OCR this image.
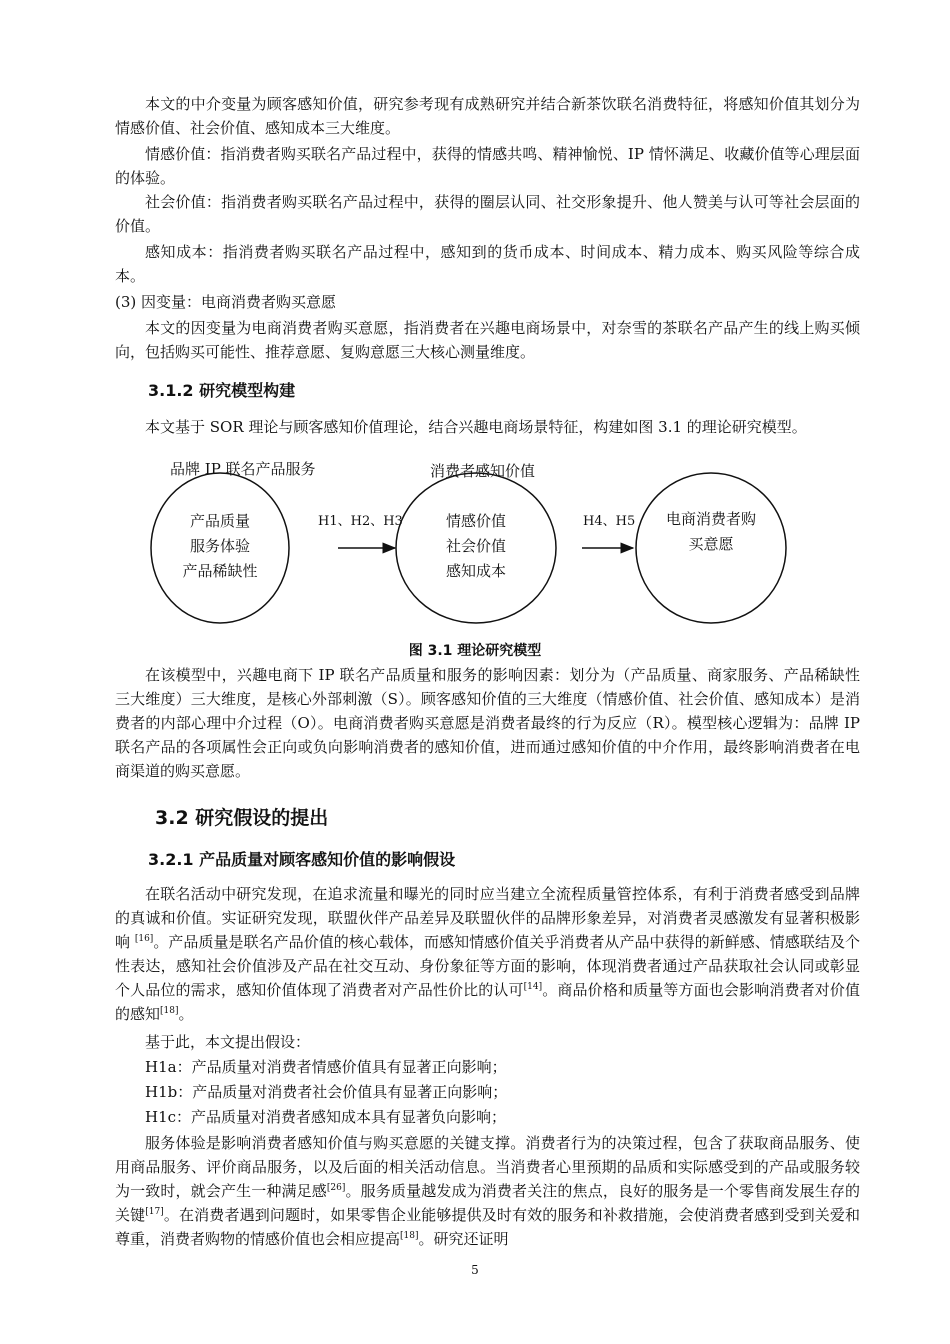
本文的中介变量为顾客感知价值，研究参考现有成熟研究并结合新茶饮联名消费特征，将感知价值其划分为情感价值、社会价值、感知成本三大维度。

情感价值：指消费者购买联名产品过程中，获得的情感共鸣、精神愉悦、IP 情怀满足、收藏价值等心理层面的体验。

社会价值：指消费者购买联名产品过程中，获得的圈层认同、社交形象提升、他人赞美与认可等社会层面的价值。

感知成本：指消费者购买联名产品过程中，感知到的货币成本、时间成本、精力成本、购买风险等综合成本。

(3) 因变量：电商消费者购买意愿

本文的因变量为电商消费者购买意愿，指消费者在兴趣电商场景中，对奈雪的茶联名产品产生的线上购买倾向，包括购买可能性、推荐意愿、复购意愿三大核心测量维度。

3.1.2 研究模型构建

本文基于 SOR 理论与顾客感知价值理论，结合兴趣电商场景特征，构建如图 3.1 的理论研究模型。

品牌 IP 联名产品服务	消费者感知价值

产品质量
服务体验
产品稀缺性
情感价值
社会价值
感知成本
电商消费者购
买意愿

H1、H2、H3	H4、H5

图 3.1 理论研究模型

在该模型中，兴趣电商下 IP 联名产品质量和服务的影响因素：划分为（产品质量、商家服务、产品稀缺性三大维度）三大维度，是核心外部刺激（S）。顾客感知价值的三大维度（情感价值、社会价值、感知成本）是消费者的内部心理中介过程（O）。电商消费者购买意愿是消费者最终的行为反应（R）。模型核心逻辑为：品牌 IP 联名产品的各项属性会正向或负向影响消费者的感知价值，进而通过感知价值的中介作用，最终影响消费者在电商渠道的购买意愿。

3.2 研究假设的提出
3.2.1 产品质量对顾客感知价值的影响假设

在联名活动中研究发现，在追求流量和曝光的同时应当建立全流程质量管控体系，有利于消费者感受到品牌的真诚和价值。实证研究发现，联盟伙伴产品差异及联盟伙伴的品牌形象差异，对消费者灵感激发有显著积极影响 [16]。产品质量是联名产品价值的核心载体，而感知情感价值关乎消费者从产品中获得的新鲜感、情感联结及个性表达，感知社会价值涉及产品在社交互动、身份象征等方面的影响，体现消费者通过产品获取社会认同或彰显个人品位的需求，感知价值体现了消费者对产品性价比的认可[14]。商品价格和质量等方面也会影响消费者对价值的感知[18]。

基于此，本文提出假设：

H1a：产品质量对消费者情感价值具有显著正向影响；

H1b：产品质量对消费者社会价值具有显著正向影响；

H1c：产品质量对消费者感知成本具有显著负向影响；

服务体验是影响消费者感知价值与购买意愿的关键支撑。消费者行为的决策过程，包含了获取商品服务、使用商品服务、评价商品服务，以及后面的相关活动信息。当消费者心里预期的品质和实际感受到的产品或服务较为一致时，就会产生一种满足感[26]。服务质量越发成为消费者关注的焦点，良好的服务是一个零售商发展生存的关键[17]。在消费者遇到问题时，如果零售企业能够提供及时有效的服务和补救措施，会使消费者感到受到关爱和尊重，消费者购物的情感价值也会相应提高[18]。研究还证明

5
